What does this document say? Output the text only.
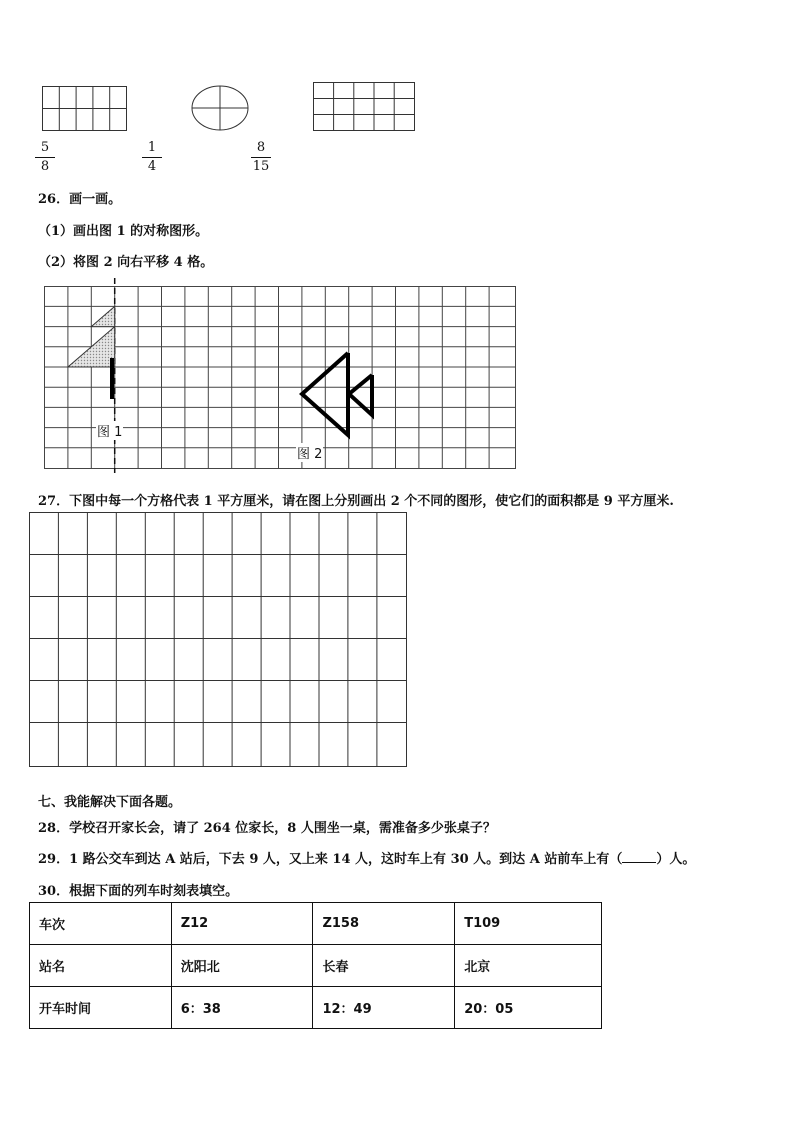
5
8
1
4
8
15
26．画一画。
（1）画出图 1 的对称图形。
（2）将图 2 向右平移 4 格。
图 1
图 2
27．下图中每一个方格代表 1 平方厘米，请在图上分别画出 2 个不同的图形，使它们的面积都是 9 平方厘米.
七、我能解决下面各题。
28．学校召开家长会，请了 264 位家长，8 人围坐一桌，需准备多少张桌子？
29．1 路公交车到达 A 站后，下去 9 人，又上来 14 人，这时车上有 30 人。到达 A 站前车上有（	）人。
30．根据下面的列车时刻表填空。
车次	Z12	Z158	T109
站名	沈阳北	长春	北京
开车时间	6：38	12：49	20：05
